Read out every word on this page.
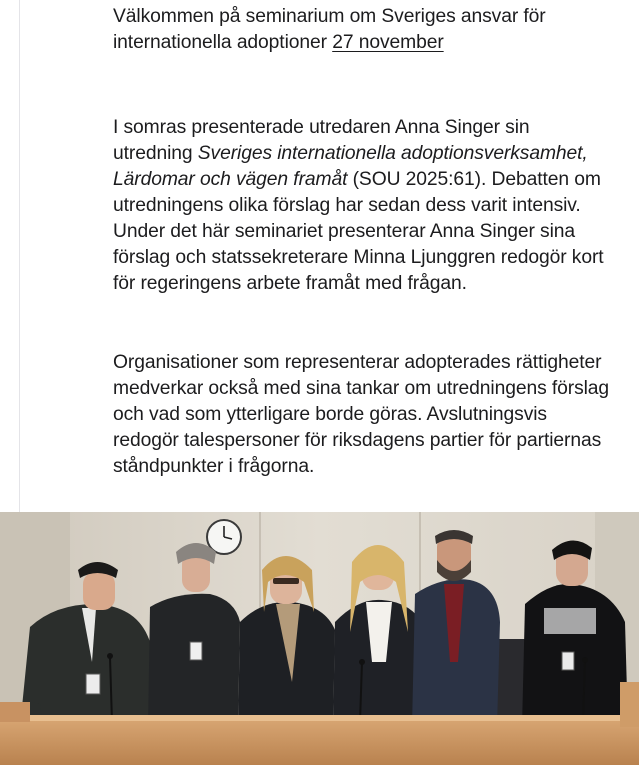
Välkommen på seminarium om Sveriges ansvar för
internationella adoptioner 27 november
I somras presenterade utredaren Anna Singer sin utredning Sveriges internationella adoptionsverksamhet, Lärdomar och vägen framåt (SOU 2025:61). Debatten om utredningens olika förslag har sedan dess varit intensiv. Under det här seminariet presenterar Anna Singer sina förslag och statssekreterare Minna Ljunggren redogör kort för regeringens arbete framåt med frågan.
Organisationer som representerar adopterades rättigheter medverkar också med sina tankar om utredningens förslag och vad som ytterligare borde göras. Avslutningsvis redogör talespersoner för riksdagens partier för partiernas ståndpunkter i frågorna.
